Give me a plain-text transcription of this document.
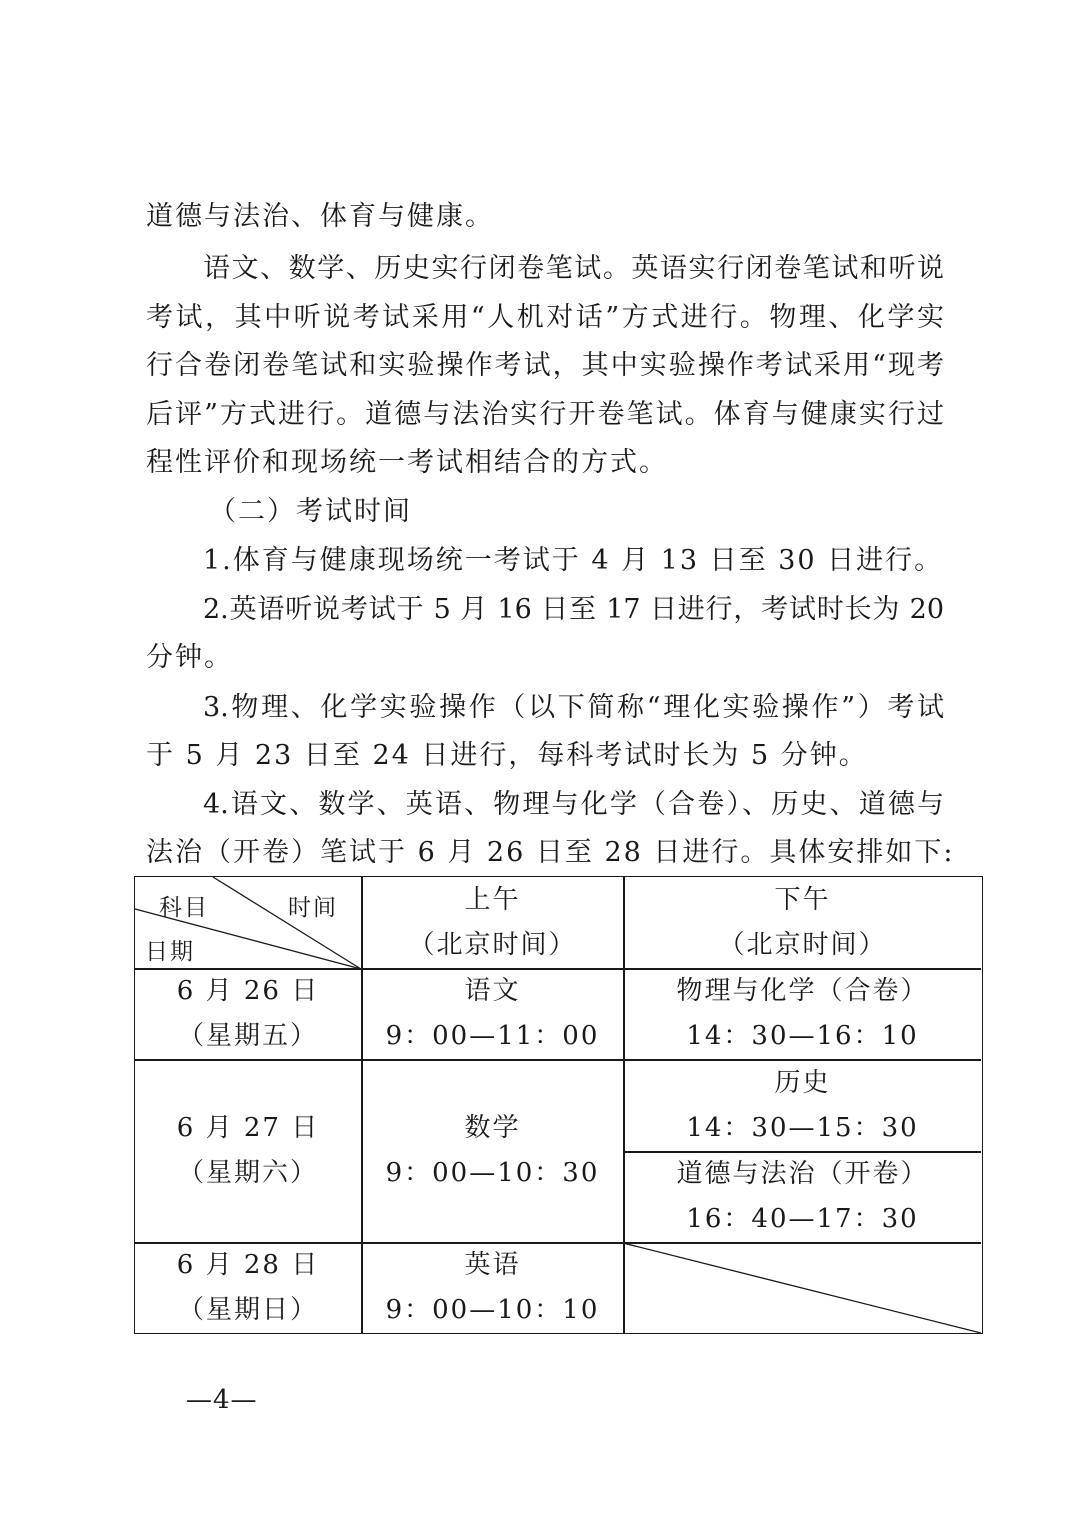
道德与法治、体育与健康。
语文、数学、历史实行闭卷笔试。英语实行闭卷笔试和听说
考试，其中听说考试采用“人机对话”方式进行。物理、化学实
行合卷闭卷笔试和实验操作考试，其中实验操作考试采用“现考
后评”方式进行。道德与法治实行开卷笔试。体育与健康实行过
程性评价和现场统一考试相结合的方式。
（二）考试时间
1.体育与健康现场统一考试于 4 月 13 日至 30 日进行。
2.英语听说考试于 5 月 16 日至 17 日进行，考试时长为 20
分钟。
3.物理、化学实验操作（以下简称“理化实验操作”）考试
于 5 月 23 日至 24 日进行，每科考试时长为 5 分钟。
4.语文、数学、英语、物理与化学（合卷）、历史、道德与
法治（开卷）笔试于 6 月 26 日至 28 日进行。具体安排如下:
科目	时间
日期
上午
（北京时间）
下午
（北京时间）
6 月 26 日
（星期五）
语文
9：00—11：00
物理与化学（合卷）
14：30—16：10
6 月 27 日
（星期六）
数学
9：00—10：30
历史
14：30—15：30
道德与法治（开卷）
16：40—17：30
6 月 28 日
（星期日）
英语
9：00—10：10
—4—
